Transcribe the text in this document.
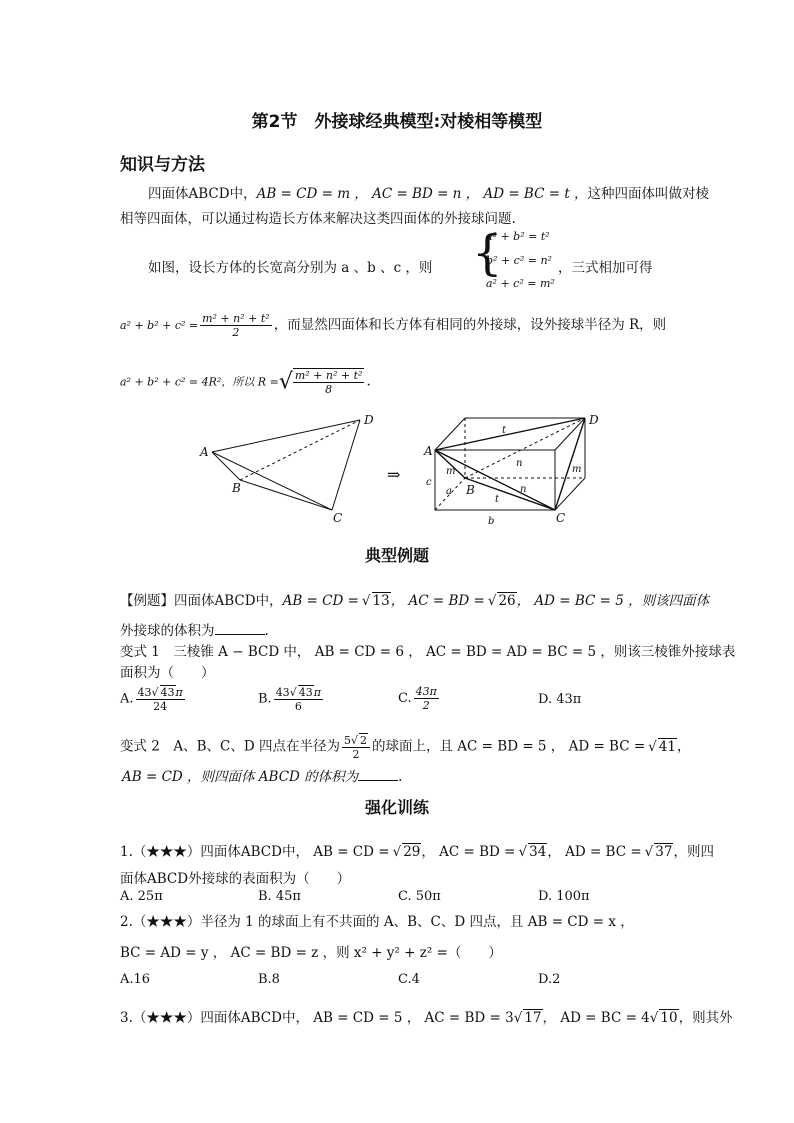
第2节　外接球经典模型:对棱相等模型
知识与方法
四面体ABCD中，AB = CD = m ， AC = BD = n ， AD = BC = t ，这种四面体叫做对棱
相等四面体，可以通过构造长方体来解决这类四面体的外接球问题.
如图，设长方体的长宽高分别为 a 、b 、c ，则 {
a² + b² = t²
b² + c² = n²
a² + c² = m²
，三式相加可得
$a^2 + b^2 + c^2 = \frac{\text{m² + n² + t²}}{2}$ ，而显然四面体和长方体有相同的外接球，设外接球半径为 R，则
a² + b² + c² = 4R²，所以 R =√ $\frac{\text{m² + n² + t²}}{8}$ .
A
B
C
D
⇒
A
B
C
D
t
n
m	m
n
t
c
a
b
典型例题
【例题】四面体ABCD中，AB = CD = √ 13， AC = BD = √ 26， AD = BC = 5 ，则该四面体
外接球的体积为	.
变式 1　三棱锥 A − BCD 中， AB = CD = 6 ， AC = BD = AD = BC = 5 ，则该三棱锥外接球表
面积为（　　）
A. $\frac{43√ 43\pi}{24}$	B. $\frac{43√ 43\pi}{6}$	C. $\frac{43\pi}{2}$	D. 43π
变式 2　A、B、C、D 四点在半径为 $\frac{5√ 2}{2}$ 的球面上，且 AC = BD = 5 ， AD = BC = √ 41，
AB = CD ，则四面体 ABCD 的体积为	.
强化训练
1.（★★★）四面体ABCD中， AB = CD = √ 29， AC = BD = √ 34， AD = BC = √ 37，则四
面体ABCD外接球的表面积为（　　）
A. 25π	B. 45π	C. 50π	D. 100π
2.（★★★）半径为 1 的球面上有不共面的 A、B、C、D 四点，且 AB = CD = x ，
BC = AD = y ， AC = BD = z ，则 x² + y² + z² =（　　）
A.16	B.8	C.4	D.2
3.（★★★）四面体ABCD中， AB = CD = 5 ， AC = BD = 3√ 17， AD = BC = 4√ 10，则其外
